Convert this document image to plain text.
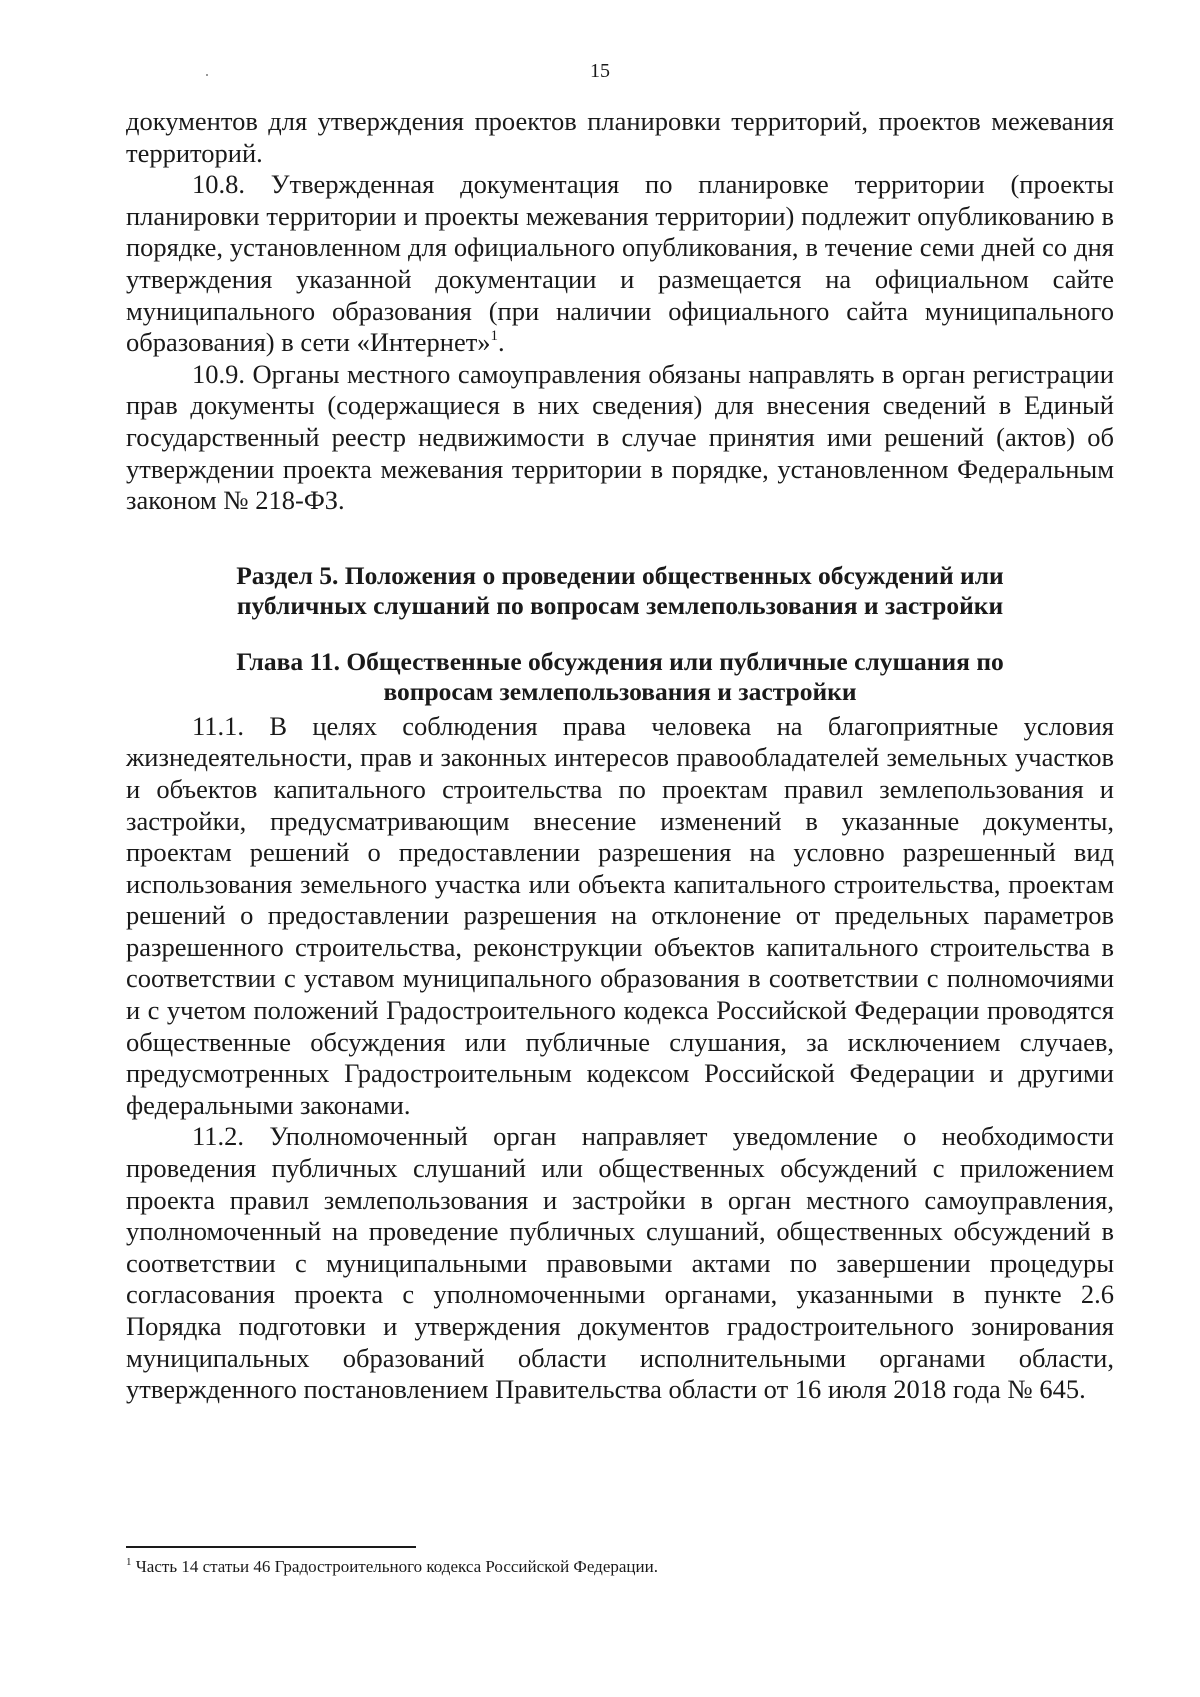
15

документов для утверждения проектов планировки территорий, проектов межевания территорий.

10.8. Утвержденная документация по планировке территории (проекты планировки территории и проекты межевания территории) подлежит опубликованию в порядке, установленном для официального опубликования, в течение семи дней со дня утверждения указанной документации и размещается на официальном сайте муниципального образования (при наличии официального сайта муниципального образования) в сети «Интернет»$^1$.

10.9. Органы местного самоуправления обязаны направлять в орган регистрации прав документы (содержащиеся в них сведения) для внесения сведений в Единый государственный реестр недвижимости в случае принятия ими решений (актов) об утверждении проекта межевания территории в порядке, установленном Федеральным законом № 218-ФЗ.

Раздел 5. Положения о проведении общественных обсуждений или
публичных слушаний по вопросам землепользования и застройки
Глава 11. Общественные обсуждения или публичные слушания по
вопросам землепользования и застройки

11.1. В целях соблюдения права человека на благоприятные условия жизнедеятельности, прав и законных интересов правообладателей земельных участков и объектов капитального строительства по проектам правил землепользования и застройки, предусматривающим внесение изменений в указанные документы, проектам решений о предоставлении разрешения на условно разрешенный вид использования земельного участка или объекта капитального строительства, проектам решений о предоставлении разрешения на отклонение от предельных параметров разрешенного строительства, реконструкции объектов капитального строительства в соответствии с уставом муниципального образования в соответствии с полномочиями и с учетом положений Градостроительного кодекса Российской Федерации проводятся общественные обсуждения или публичные слушания, за исключением случаев, предусмотренных Градостроительным кодексом Российской Федерации и другими федеральными законами.

11.2. Уполномоченный орган направляет уведомление о необходимости проведения публичных слушаний или общественных обсуждений с приложением проекта правил землепользования и застройки в орган местного самоуправления, уполномоченный на проведение публичных слушаний, общественных обсуждений в соответствии с муниципальными правовыми актами по завершении процедуры согласования проекта с уполномоченными органами, указанными в пункте 2.6 Порядка подготовки и утверждения документов градостроительного зонирования муниципальных образований области исполнительными органами области, утвержденного постановлением Правительства области от 16 июля 2018 года № 645.

$^1$ Часть 14 статьи 46 Градостроительного кодекса Российской Федерации.
